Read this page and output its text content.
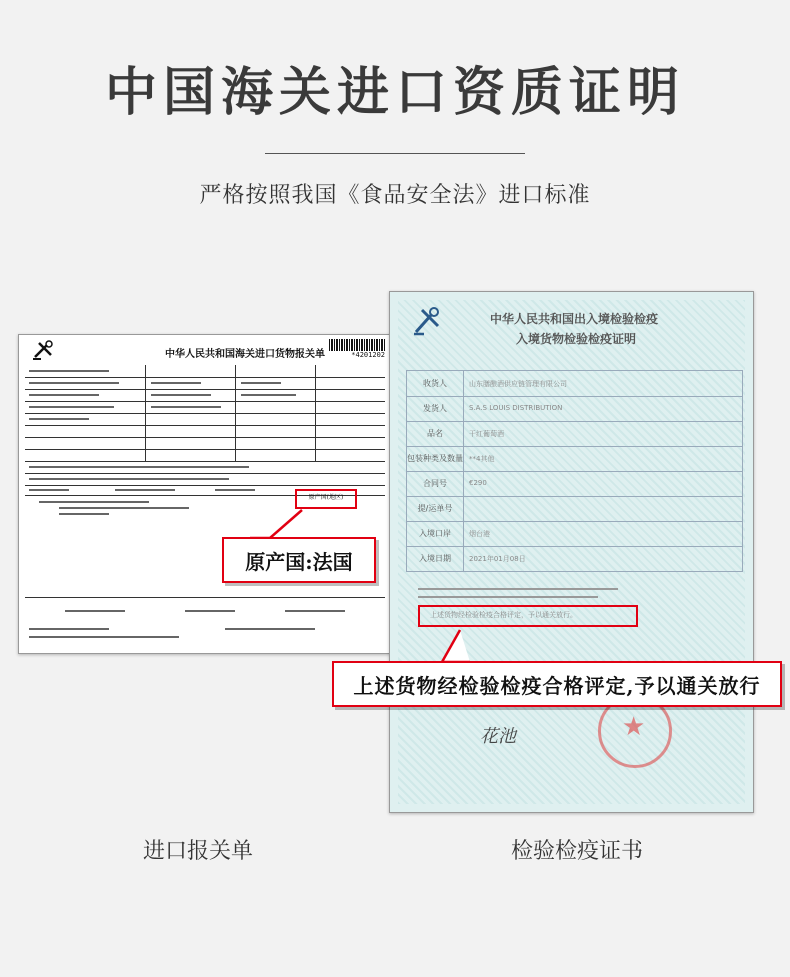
中国海关进口资质证明
严格按照我国《食品安全法》进口标准
中华人民共和国海关进口货物报关单	*4201202
原产国(地区)
原产国:法国
中华人民共和国出入境检验检疫
入境货物检验检疫证明
收货人	山东膳酿酒供应链管理有限公司
发货人	S.A.S LOUIS DISTRIBUTION
品名	干红葡萄酒
包装种类及数量 **4其他
合同号	€290
提/运单号
入境口岸	烟台港
入境日期	2021年01月08日
上述货物经检验检疫合格评定，予以通关放行。
花池	★
上述货物经检验检疫合格评定,予以通关放行
进口报关单	检验检疫证书
